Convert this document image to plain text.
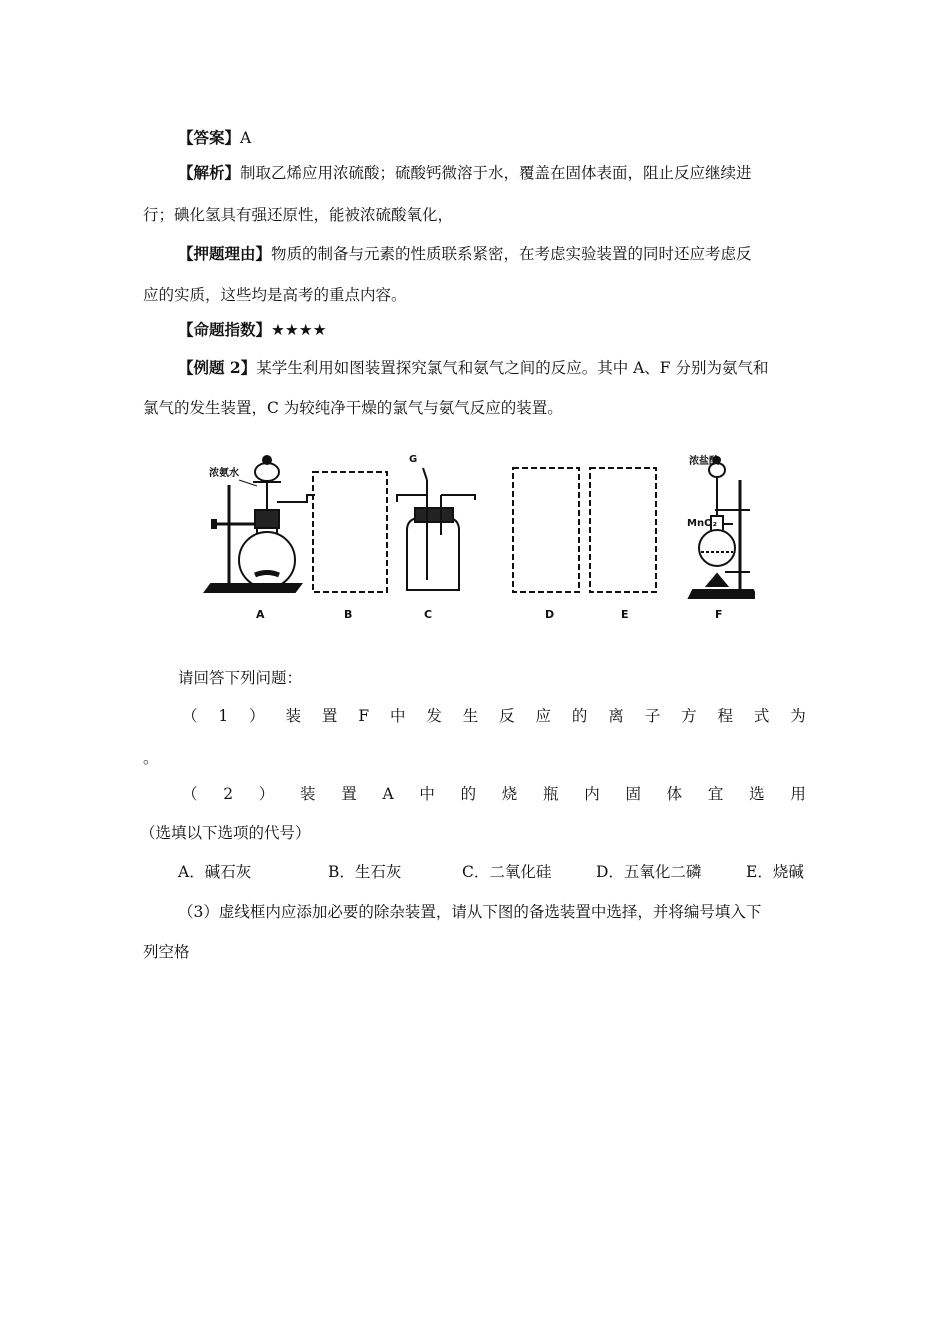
【答案】A
【解析】制取乙烯应用浓硫酸；硫酸钙微溶于水，覆盖在固体表面，阻止反应继续进
行；碘化氢具有强还原性，能被浓硫酸氧化，
【押题理由】物质的制备与元素的性质联系紧密，在考虑实验装置的同时还应考虑反
应的实质，这些均是高考的重点内容。
【命题指数】★★★★
【例题 2】某学生利用如图装置探究氯气和氨气之间的反应。其中 A、F 分别为氨气和
氯气的发生装置，C 为较纯净干燥的氯气与氨气反应的装置。
浓氨水
G	浓盐酸
MnO₂
A	B	C	D	E	F
请回答下列问题：
（ 1 ） 装 置 F 中 发 生 反 应 的 离 子 方 程 式 为
。
（ 2 ） 装 置 A 中 的 烧 瓶 内 固 体 宜 选 用
（选填以下选项的代号）
A．碱石灰	B．生石灰	C．二氧化硅	D．五氧化二磷	E．烧碱
（3）虚线框内应添加必要的除杂装置，请从下图的备选装置中选择，并将编号填入下
列空格
